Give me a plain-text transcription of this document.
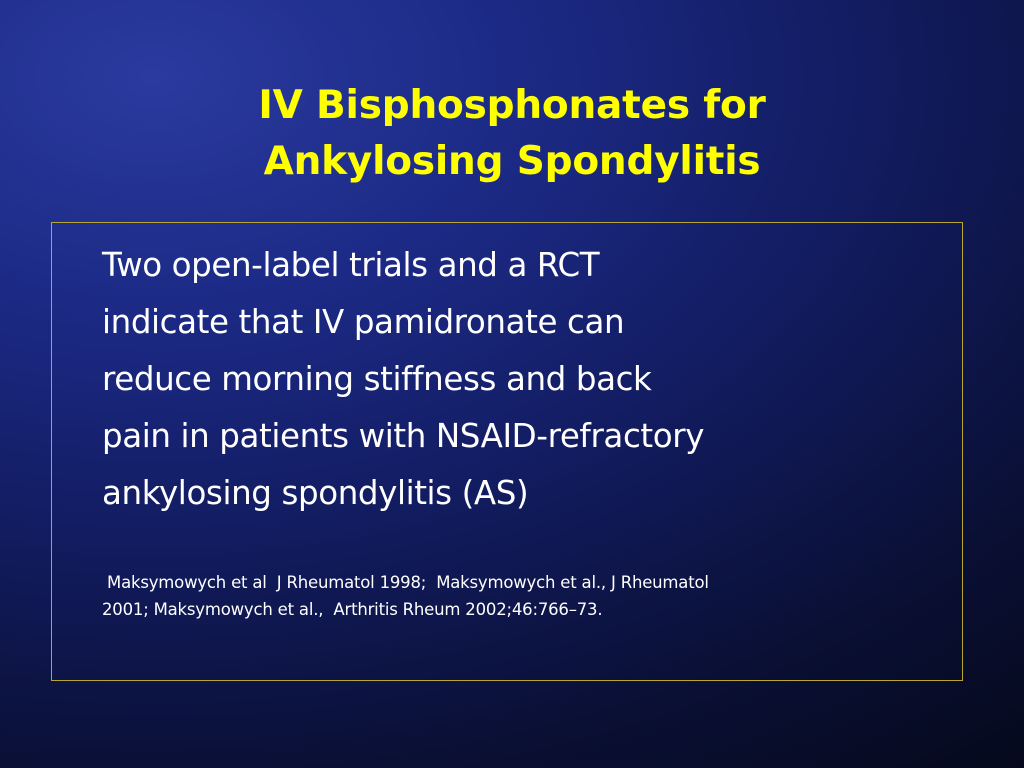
IV Bisphosphonates for
Ankylosing Spondylitis
Two open-label trials and a RCT
indicate that IV pamidronate can
reduce morning stiffness and back
pain in patients with NSAID-refractory
ankylosing spondylitis (AS)
Maksymowych et al  J Rheumatol 1998;  Maksymowych et al., J Rheumatol
2001; Maksymowych et al.,  Arthritis Rheum 2002;46:766–73.
